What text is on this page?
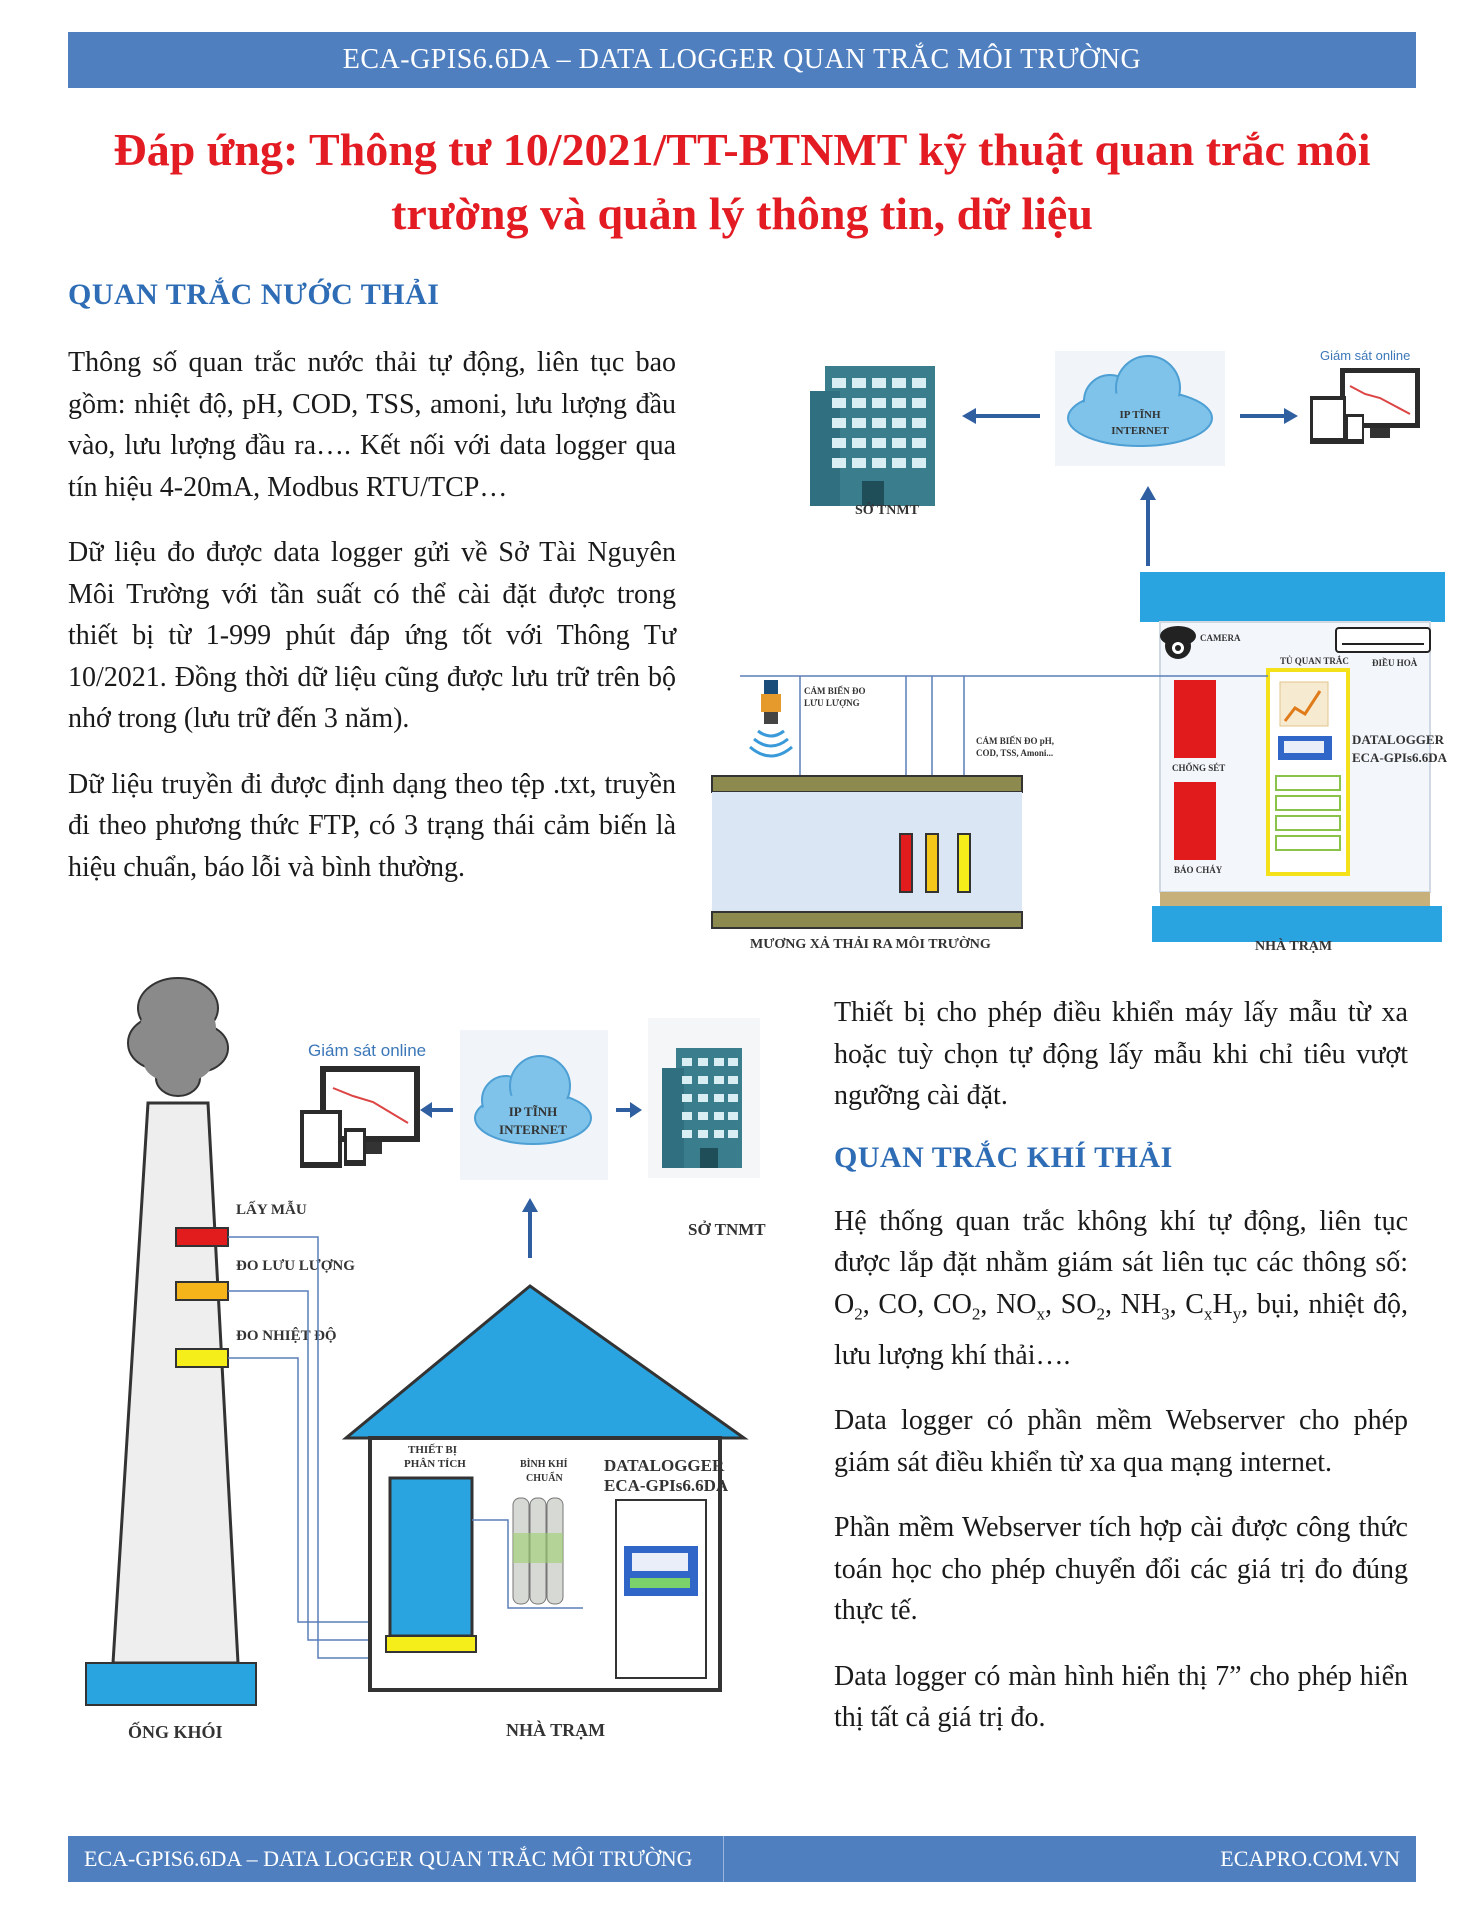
ECA-GPIS6.6DA – DATA LOGGER QUAN TRẮC MÔI TRƯỜNG
Đáp ứng: Thông tư 10/2021/TT-BTNMT kỹ thuật quan trắc môi
trường và quản lý thông tin, dữ liệu
QUAN TRẮC NƯỚC THẢI

Thông số quan trắc nước thải tự động, liên tục bao gồm: nhiệt độ, pH, COD, TSS, amoni, lưu lượng đầu vào, lưu lượng đầu ra…. Kết nối với data logger qua tín hiệu 4-20mA, Modbus RTU/TCP…

Dữ liệu đo được data logger gửi về Sở Tài Nguyên Môi Trường với tần suất có thể cài đặt được trong thiết bị từ 1-999 phút đáp ứng tốt với Thông Tư 10/2021. Đồng thời dữ liệu cũng được lưu trữ trên bộ nhớ trong (lưu trữ đến 3 năm).

Dữ liệu truyền đi được định dạng theo tệp .txt, truyền đi theo phương thức FTP, có 3 trạng thái cảm biến là hiệu chuẩn, báo lỗi và bình thường.

SỞ TNMT
IP TĨNH
INTERNET
Giám sát online
CAMERA
ĐIỀU HOÀ
TỦ QUAN TRẮC
CHỐNG SÉT
BÁO CHÁY
DATALOGGER
ECA-GPIs6.6DA
CẢM BIẾN ĐO
LƯU LƯỢNG
CẢM BIẾN ĐO pH,
COD, TSS, Amoni...
MƯƠNG XẢ THẢI RA MÔI TRƯỜNG	NHÀ TRẠM
LẤY MẪU
ĐO LƯU LƯỢNG
ĐO NHIỆT ĐỘ
ỐNG KHÓI
Giám sát online
IP TĨNH
INTERNET
SỞ TNMT
THIẾT BỊ
PHÂN TÍCH	BÌNH KHÍ
CHUẨN
DATALOGGER
ECA-GPIs6.6DA
NHÀ TRẠM

Thiết bị cho phép điều khiển máy lấy mẫu từ xa hoặc tuỳ chọn tự động lấy mẫu khi chỉ tiêu vượt ngưỡng cài đặt.

QUAN TRẮC KHÍ THẢI

Hệ thống quan trắc không khí tự động, liên tục được lắp đặt nhằm giám sát liên tục các thông số: $O_2$, CO, $CO_2$, $NO_x$, $SO_2$, $NH_3$, $C_xH_y$, bụi, nhiệt độ, lưu lượng khí thải….

Data logger có phần mềm Webserver cho phép giám sát điều khiển từ xa qua mạng internet.

Phần mềm Webserver tích hợp cài được công thức toán học cho phép chuyển đổi các giá trị đo đúng thực tế.

Data logger có màn hình hiển thị 7” cho phép hiển thị tất cả giá trị đo.

ECA-GPIS6.6DA – DATA LOGGER QUAN TRẮC MÔI TRƯỜNG	ECAPRO.COM.VN
